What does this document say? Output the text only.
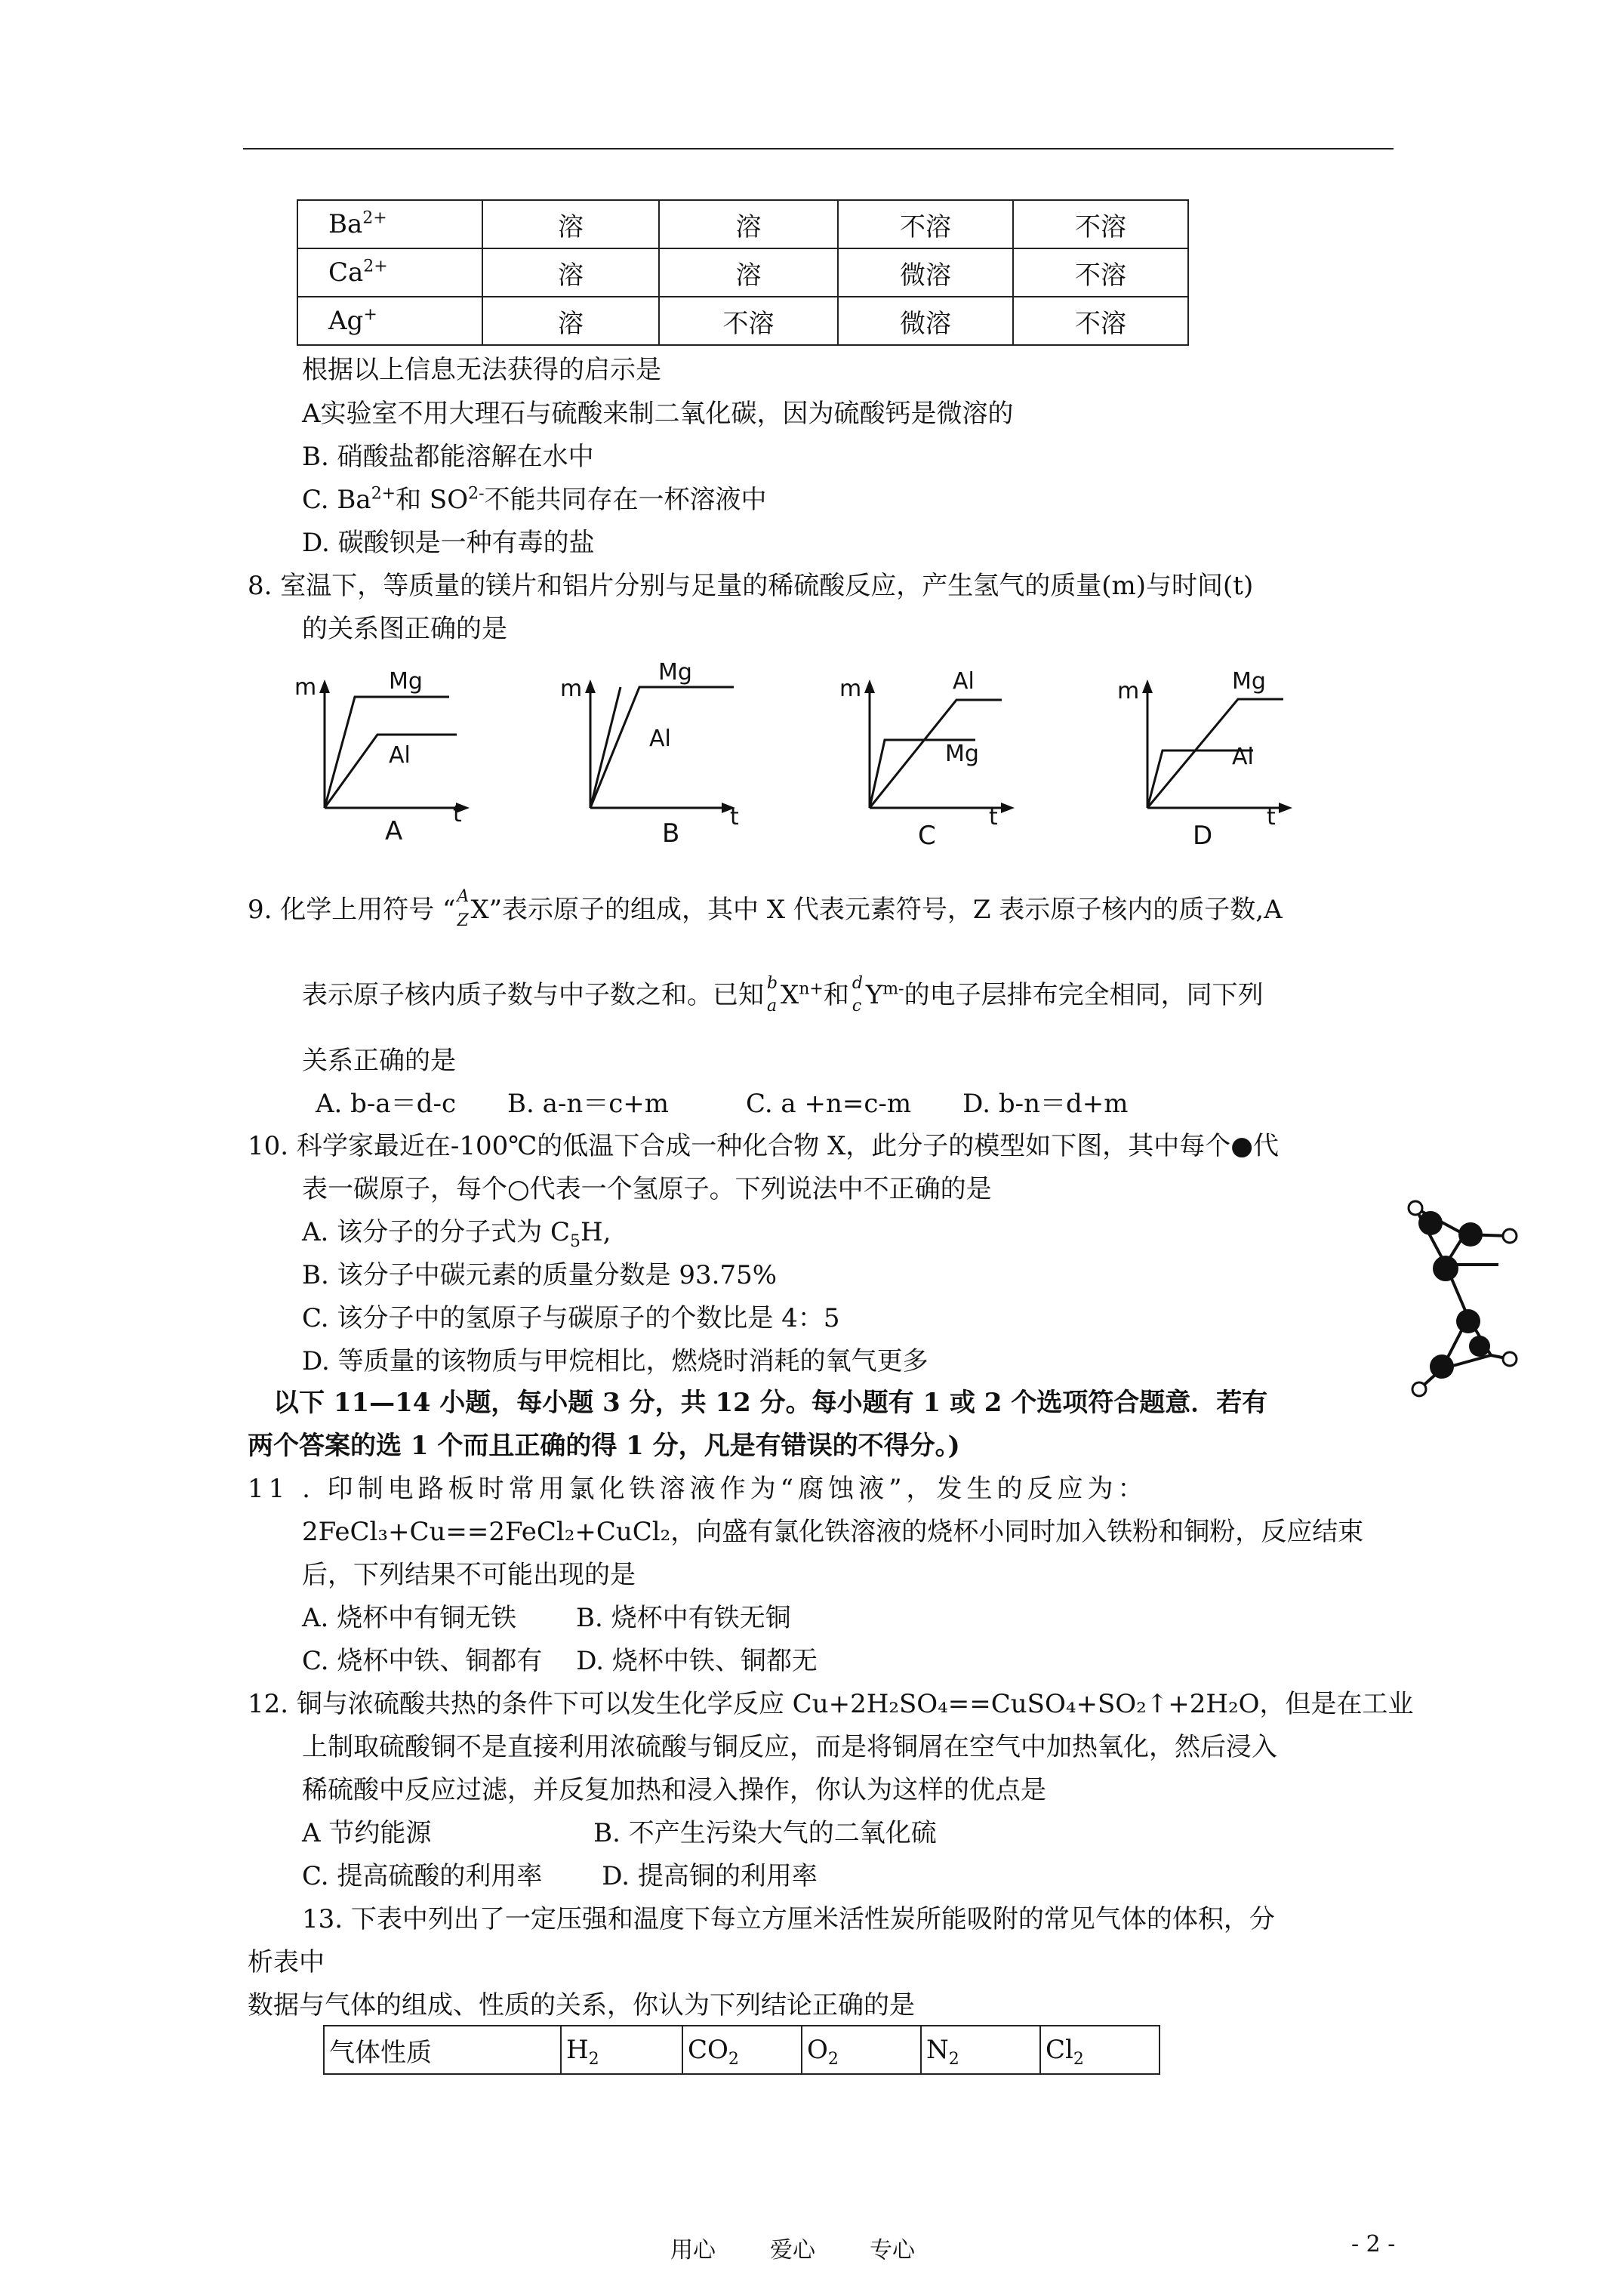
$Ba^{2+}$	溶	溶	不溶	不溶
$Ca^{2+}$	溶	溶	微溶	不溶
Ag+	溶	不溶	微溶	不溶
根据以上信息无法获得的启示是
A实验室不用大理石与硫酸来制二氧化碳，因为硫酸钙是微溶的
B. 硝酸盐都能溶解在水中
C. $Ba^{2+}$和 $SO^{2-}$不能共同存在一杯溶液中
D. 碳酸钡是一种有毒的盐
8. 室温下，等质量的镁片和铝片分别与足量的稀硫酸反应，产生氢气的质量(m)与时间(t)
的关系图正确的是
m	Mg
Al
t
A
m
Mg
Al
t
B
m	Al
Mg
t
C
m	Mg
Al
t
D
9. 化学上用符号 “ A
Z X”表示原子的组成，其中 X 代表元素符号，Z 表示原子核内的质子数,A
表示原子核内质子数与中子数之和。已知 b
a $X^{n+}$和 d
c $Y^{m-}$的电子层排布完全相同，同下列
关系正确的是
A. b-a＝d-c　　B. a-n＝c+m　　　C. a +n=c-m　　D. b-n＝d+m
10. 科学家最近在-100℃的低温下合成一种化合物 X，此分子的模型如下图，其中每个●代
表一碳原子，每个○代表一个氢原子。下列说法中不正确的是
A. 该分子的分子式为 $C_5H$,
B. 该分子中碳元素的质量分数是 93.75%
C. 该分子中的氢原子与碳原子的个数比是 4：5
D. 等质量的该物质与甲烷相比，燃烧时消耗的氧气更多
以下 11—14 小题，每小题 3 分，共 12 分。每小题有 1 或 2 个选项符合题意．若有
两个答案的选 1 个而且正确的得 1 分，凡是有错误的不得分。)
11 . 印制电路板时常用氯化铁溶液作为“腐蚀液”，发生的反应为：
2FeCl₃+Cu==2FeCl₂+CuCl₂，向盛有氯化铁溶液的烧杯小同时加入铁粉和铜粉，反应结束
后，下列结果不可能出现的是
A. 烧杯中有铜无铁　　 B. 烧杯中有铁无铜
C. 烧杯中铁、铜都有　 D. 烧杯中铁、铜都无
12. 铜与浓硫酸共热的条件下可以发生化学反应 Cu+2H₂SO₄==CuSO₄+SO₂↑+2H₂O，但是在工业
上制取硫酸铜不是直接利用浓硫酸与铜反应，而是将铜屑在空气中加热氧化，然后浸入
稀硫酸中反应过滤，并反复加热和浸入操作，你认为这样的优点是
A 节约能源　　　　　　 B. 不产生污染大气的二氧化硫
C. 提高硫酸的利用率　　 D. 提高铜的利用率
13. 下表中列出了一定压强和温度下每立方厘米活性炭所能吸附的常见气体的体积，分
析表中
数据与气体的组成、性质的关系，你认为下列结论正确的是
气体性质	$H_2$	$CO_2$	$O_2$	$N_2$	$Cl_2$
用心 爱心 专心	- 2 -
